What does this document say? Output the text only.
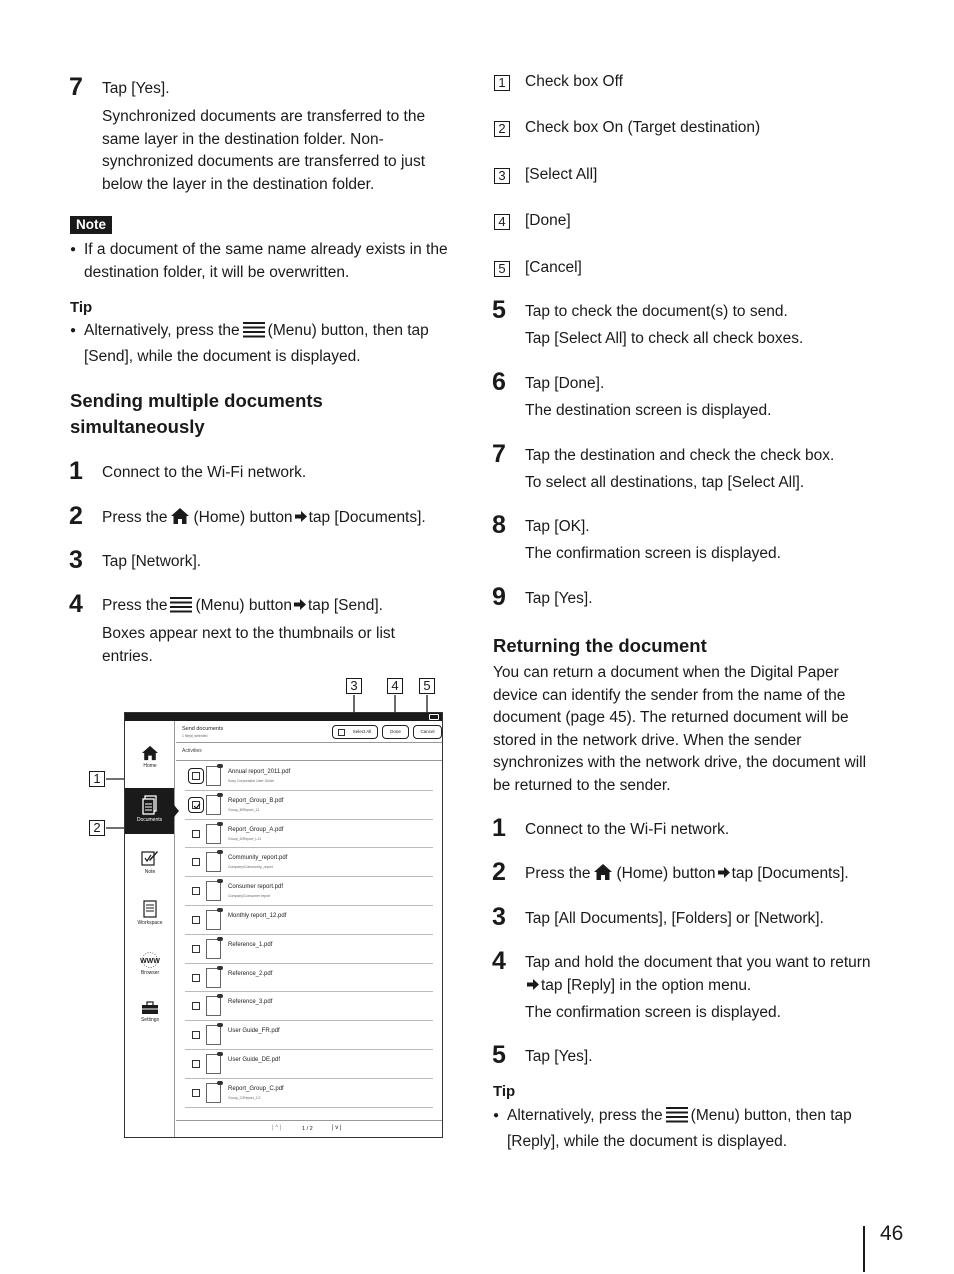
7 Tap [Yes].
Synchronized documents are transferred to the same layer in the destination folder. Non-synchronized documents are transferred to just below the layer in the destination folder.
Note
● If a document of the same name already exists in the destination folder, it will be overwritten.
Tip
● Alternatively, press the (Menu) button, then tap [Send], while the document is displayed.
Sending multiple documents simultaneously
1 Connect to the Wi-Fi network.
2 Press the (Home) button tap [Documents].
3 Tap [Network].
4 Press the (Menu) button tap [Send].
Boxes appear next to the thumbnails or list entries.
3	4	5
1
2
Home
Documents
Note
Workspace
WWW
Browser
Settings
Send documents
1 file(s) selected
Select All	Done	Cancel
Activities
Annual report_2011.pdf
Sony Corporation User Guide
Report_Group_B.pdf
Group_B/Report_12
Report_Group_A.pdf
Group_A/Report_L11
Community_report.pdf
Company/Community_report
Consumer report.pdf
Company/Consumer report
Monthly report_12.pdf
Reference_1.pdf
Reference_2.pdf
Reference_3.pdf
User Guide_FR.pdf
User Guide_DE.pdf
Report_Group_C.pdf
Group_C/Report_2.3
| ^ |	1 / 2	| v |
1 Check box Off
2 Check box On (Target destination)
3 [Select All]
4 [Done]
5 [Cancel]
5 Tap to check the document(s) to send.
Tap [Select All] to check all check boxes.
6 Tap [Done].
The destination screen is displayed.
7 Tap the destination and check the check box.
To select all destinations, tap [Select All].
8 Tap [OK].
The confirmation screen is displayed.
9 Tap [Yes].
Returning the document
You can return a document when the Digital Paper device can identify the sender from the name of the document (page 45). The returned document will be stored in the network drive. When the sender synchronizes with the network drive, the document will be returned to the sender.
1 Connect to the Wi-Fi network.
2 Press the (Home) button tap [Documents].
3 Tap [All Documents], [Folders] or [Network].
4 Tap and hold the document that you want to returntap [Reply] in the option menu.
The confirmation screen is displayed.
5 Tap [Yes].
Tip
● Alternatively, press the (Menu) button, then tap [Reply], while the document is displayed.
46
